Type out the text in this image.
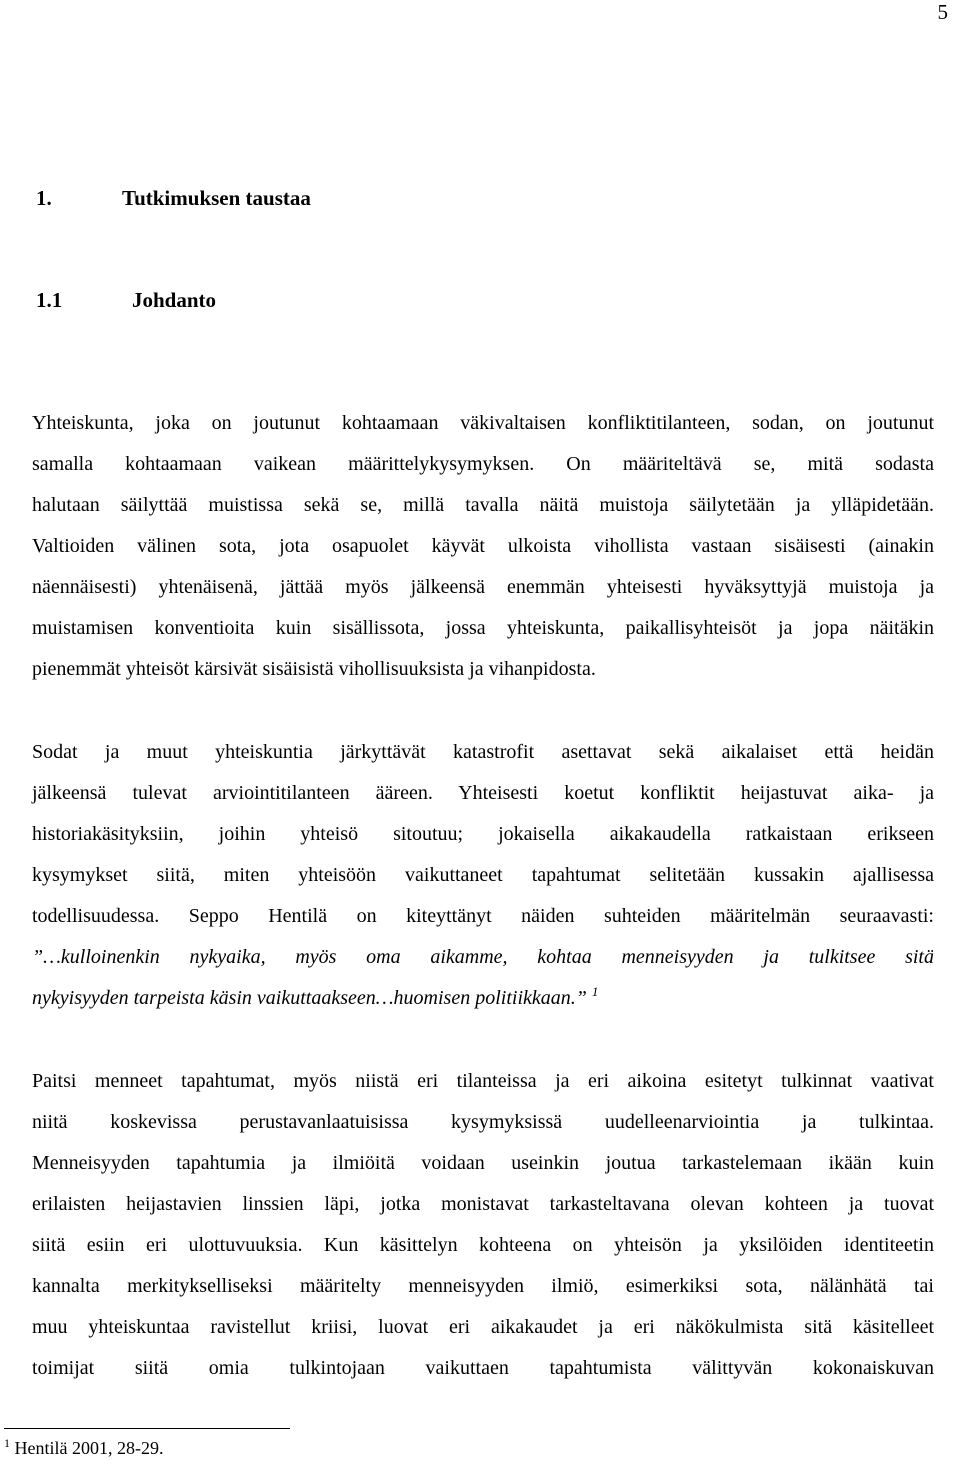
5
1.	Tutkimuksen taustaa
1.1	Johdanto
Yhteiskunta, joka on joutunut kohtaamaan väkivaltaisen konfliktitilanteen, sodan, on joutunut
samalla kohtaamaan vaikean määrittelykysymyksen. On määriteltävä se, mitä sodasta
halutaan säilyttää muistissa sekä se, millä tavalla näitä muistoja säilytetään ja ylläpidetään.
Valtioiden välinen sota, jota osapuolet käyvät ulkoista vihollista vastaan sisäisesti (ainakin
näennäisesti) yhtenäisenä, jättää myös jälkeensä enemmän yhteisesti hyväksyttyjä muistoja ja
muistamisen konventioita kuin sisällissota, jossa yhteiskunta, paikallisyhteisöt ja jopa näitäkin
pienemmät yhteisöt kärsivät sisäisistä vihollisuuksista ja vihanpidosta.
Sodat ja muut yhteiskuntia järkyttävät katastrofit asettavat sekä aikalaiset että heidän
jälkeensä tulevat arviointitilanteen ääreen. Yhteisesti koetut konfliktit heijastuvat aika- ja
historiakäsityksiin, joihin yhteisö sitoutuu; jokaisella aikakaudella ratkaistaan erikseen
kysymykset siitä, miten yhteisöön vaikuttaneet tapahtumat selitetään kussakin ajallisessa
todellisuudessa. Seppo Hentilä on kiteyttänyt näiden suhteiden määritelmän seuraavasti:
”…kulloinenkin nykyaika, myös oma aikamme, kohtaa menneisyyden ja tulkitsee sitä
nykyisyyden tarpeista käsin vaikuttaakseen…huomisen politiikkaan.” $^1$
Paitsi menneet tapahtumat, myös niistä eri tilanteissa ja eri aikoina esitetyt tulkinnat vaativat
niitä koskevissa perustavanlaatuisissa kysymyksissä uudelleenarviointia ja tulkintaa.
Menneisyyden tapahtumia ja ilmiöitä voidaan useinkin joutua tarkastelemaan ikään kuin
erilaisten heijastavien linssien läpi, jotka monistavat tarkasteltavana olevan kohteen ja tuovat
siitä esiin eri ulottuvuuksia. Kun käsittelyn kohteena on yhteisön ja yksilöiden identiteetin
kannalta merkitykselliseksi määritelty menneisyyden ilmiö, esimerkiksi sota, nälänhätä tai
muu yhteiskuntaa ravistellut kriisi, luovat eri aikakaudet ja eri näkökulmista sitä käsitelleet
toimijat siitä omia tulkintojaan vaikuttaen tapahtumista välittyvän kokonaiskuvan
$^1$ Hentilä 2001, 28-29.
